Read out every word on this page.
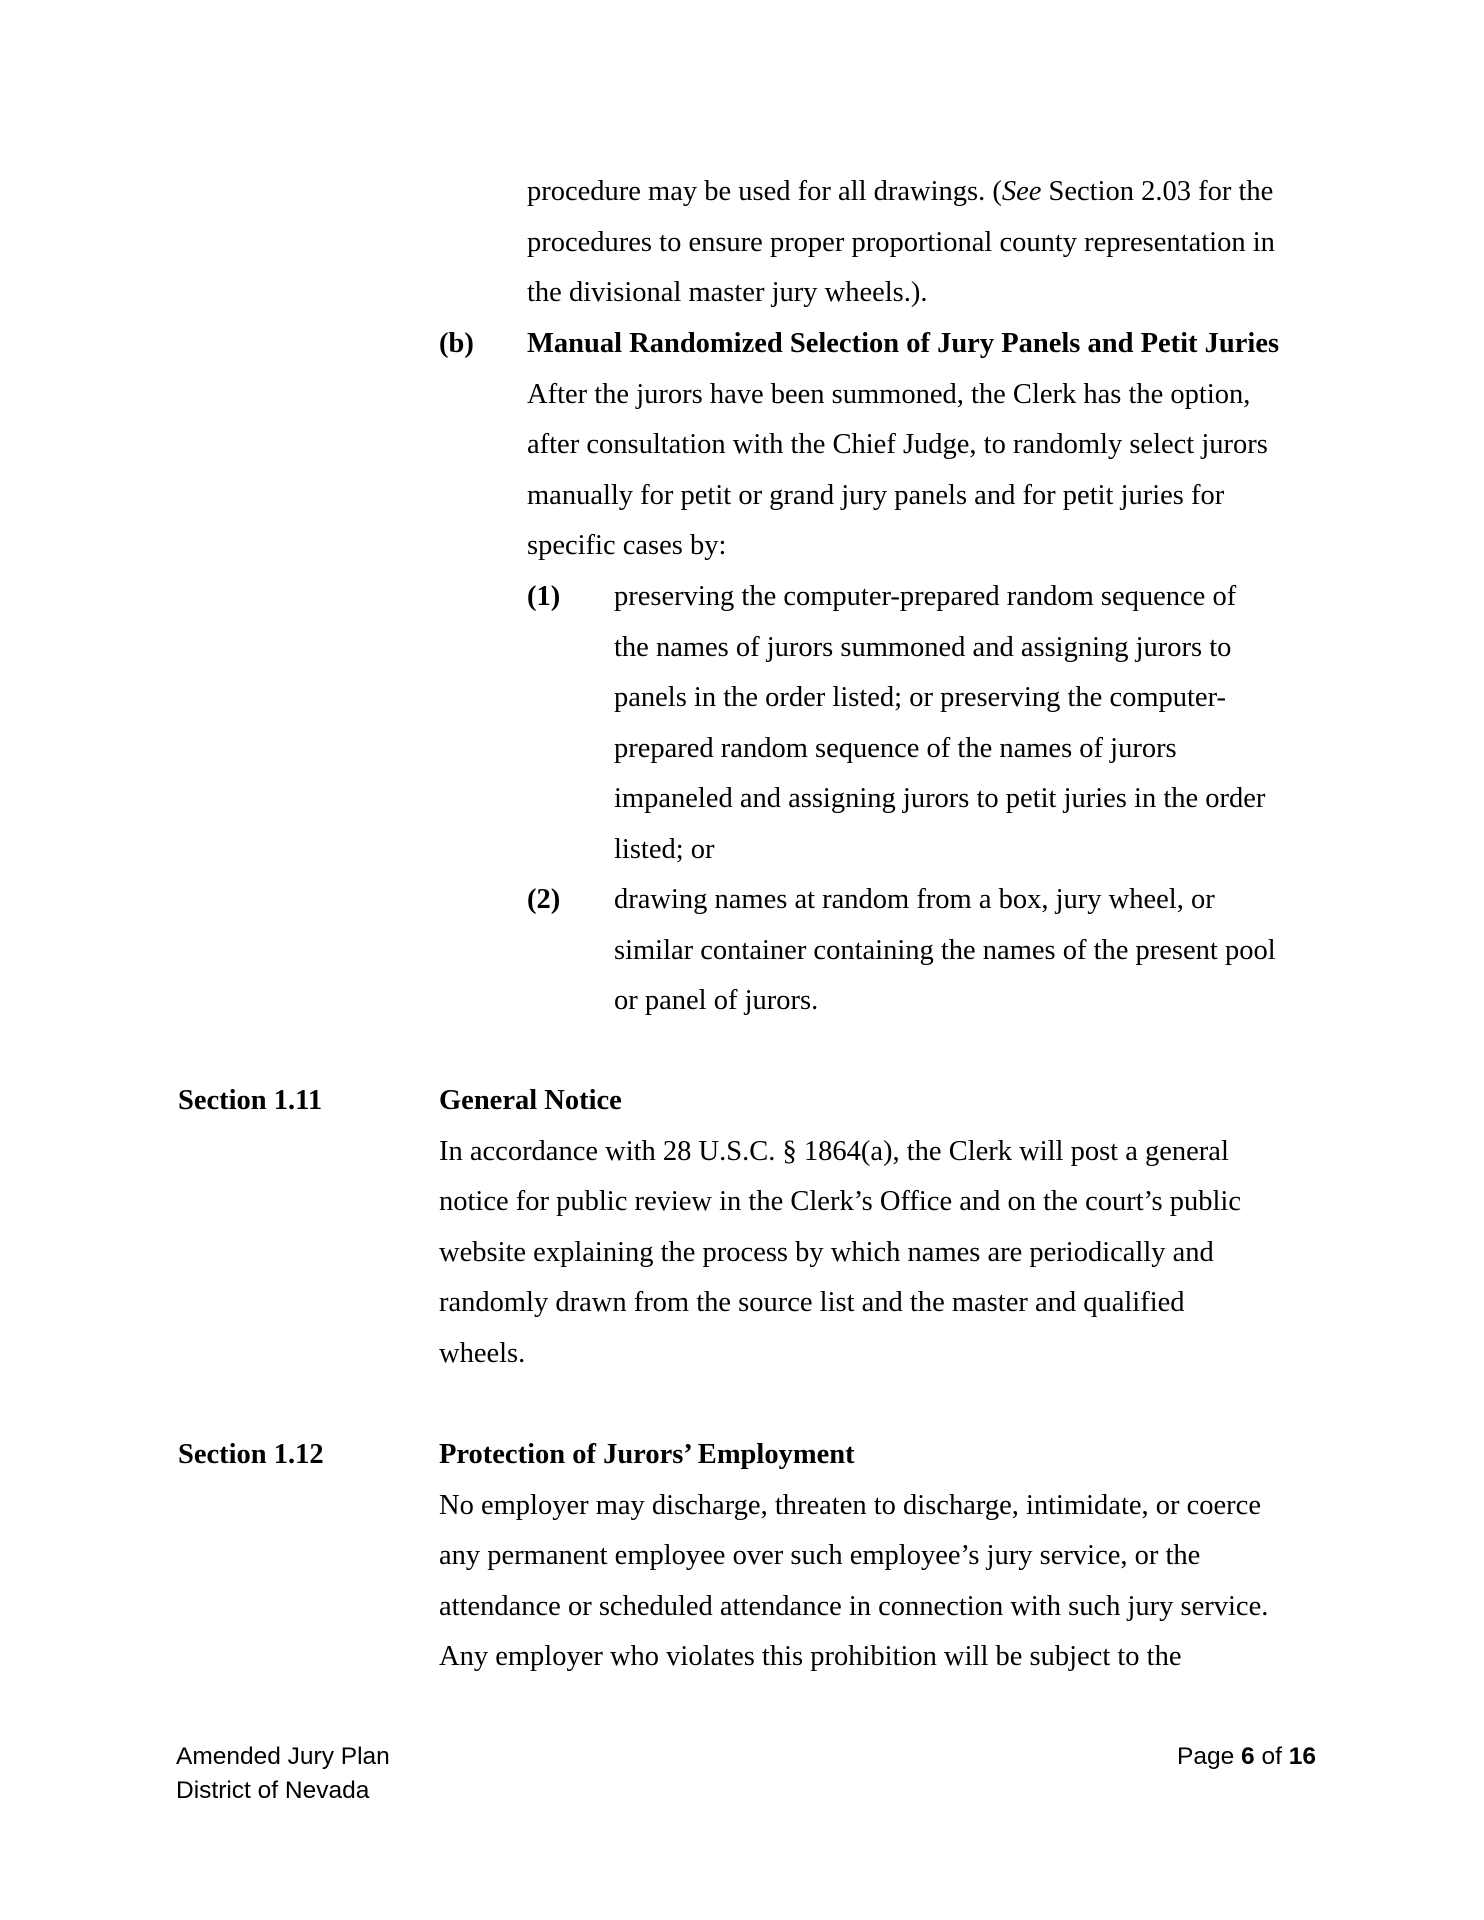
procedure may be used for all drawings. (See Section 2.03 for the
procedures to ensure proper proportional county representation in
the divisional master jury wheels.).
(b) Manual Randomized Selection of Jury Panels and Petit Juries
After the jurors have been summoned, the Clerk has the option,
after consultation with the Chief Judge, to randomly select jurors
manually for petit or grand jury panels and for petit juries for
specific cases by:
(1) preserving the computer-prepared random sequence of
the names of jurors summoned and assigning jurors to
panels in the order listed; or preserving the computer-
prepared random sequence of the names of jurors
impaneled and assigning jurors to petit juries in the order
listed; or
(2) drawing names at random from a box, jury wheel, or
similar container containing the names of the present pool
or panel of jurors.
Section 1.11	General Notice
In accordance with 28 U.S.C. § 1864(a), the Clerk will post a general
notice for public review in the Clerk’s Office and on the court’s public
website explaining the process by which names are periodically and
randomly drawn from the source list and the master and qualified
wheels.
Section 1.12	Protection of Jurors’ Employment
No employer may discharge, threaten to discharge, intimidate, or coerce
any permanent employee over such employee’s jury service, or the
attendance or scheduled attendance in connection with such jury service.
Any employer who violates this prohibition will be subject to the
Amended Jury Plan
District of Nevada
Page 6 of 16
